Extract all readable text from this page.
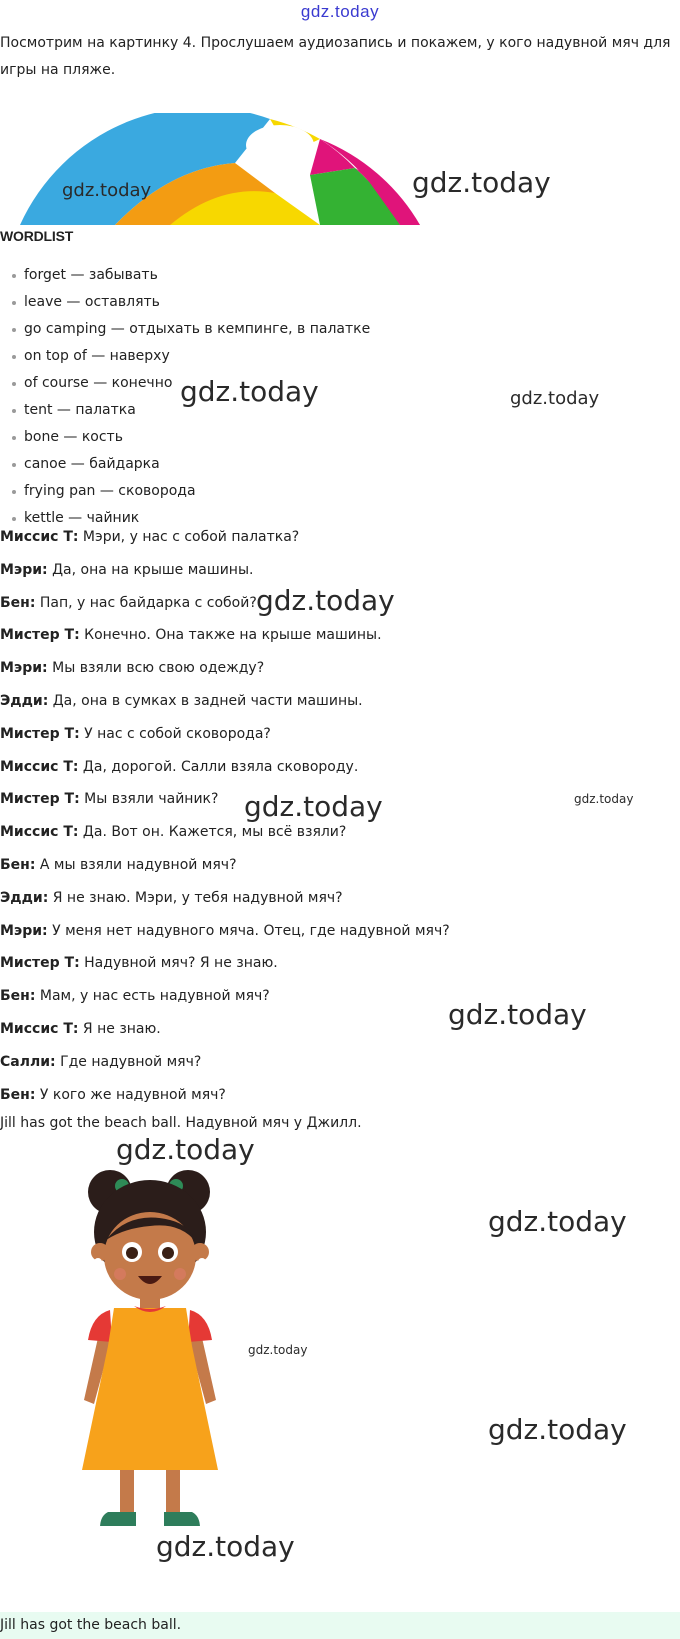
gdz.today
Посмотрим на картинку 4. Прослушаем аудиозапись и покажем, у кого надувной мяч для игры на пляже.
WORDLIST
forget — забывать
leave — оставлять
go camping — отдыхать в кемпинге, в палатке
on top of — наверху
of course — конечно
tent — палатка
bone — кость
canoe — байдарка
frying pan — сковорода
kettle — чайник
Миссис Т: Мэри, у нас с собой палатка?
Мэри: Да, она на крыше машины.
Бен: Пап, у нас байдарка с собой?
Мистер Т: Конечно. Она также на крыше машины.
Мэри: Мы взяли всю свою одежду?
Эдди: Да, она в сумках в задней части машины.
Мистер Т: У нас с собой сковорода?
Миссис Т: Да, дорогой. Салли взяла сковороду.
Мистер Т: Мы взяли чайник?
Миссис Т: Да. Вот он. Кажется, мы всё взяли?
Бен: А мы взяли надувной мяч?
Эдди: Я не знаю. Мэри, у тебя надувной мяч?
Мэри: У меня нет надувного мяча. Отец, где надувной мяч?
Мистер Т: Надувной мяч? Я не знаю.
Бен: Мам, у нас есть надувной мяч?
Миссис Т: Я не знаю.
Салли: Где надувной мяч?
Бен: У кого же надувной мяч?
Jill has got the beach ball. Надувной мяч у Джилл.
Jill has got the beach ball.
gdz.today	gdz.today
gdz.today	gdz.today
gdz.today
gdz.today
gdz.today
gdz.today
gdz.today
gdz.today
gdz.today
gdz.today
gdz.today
